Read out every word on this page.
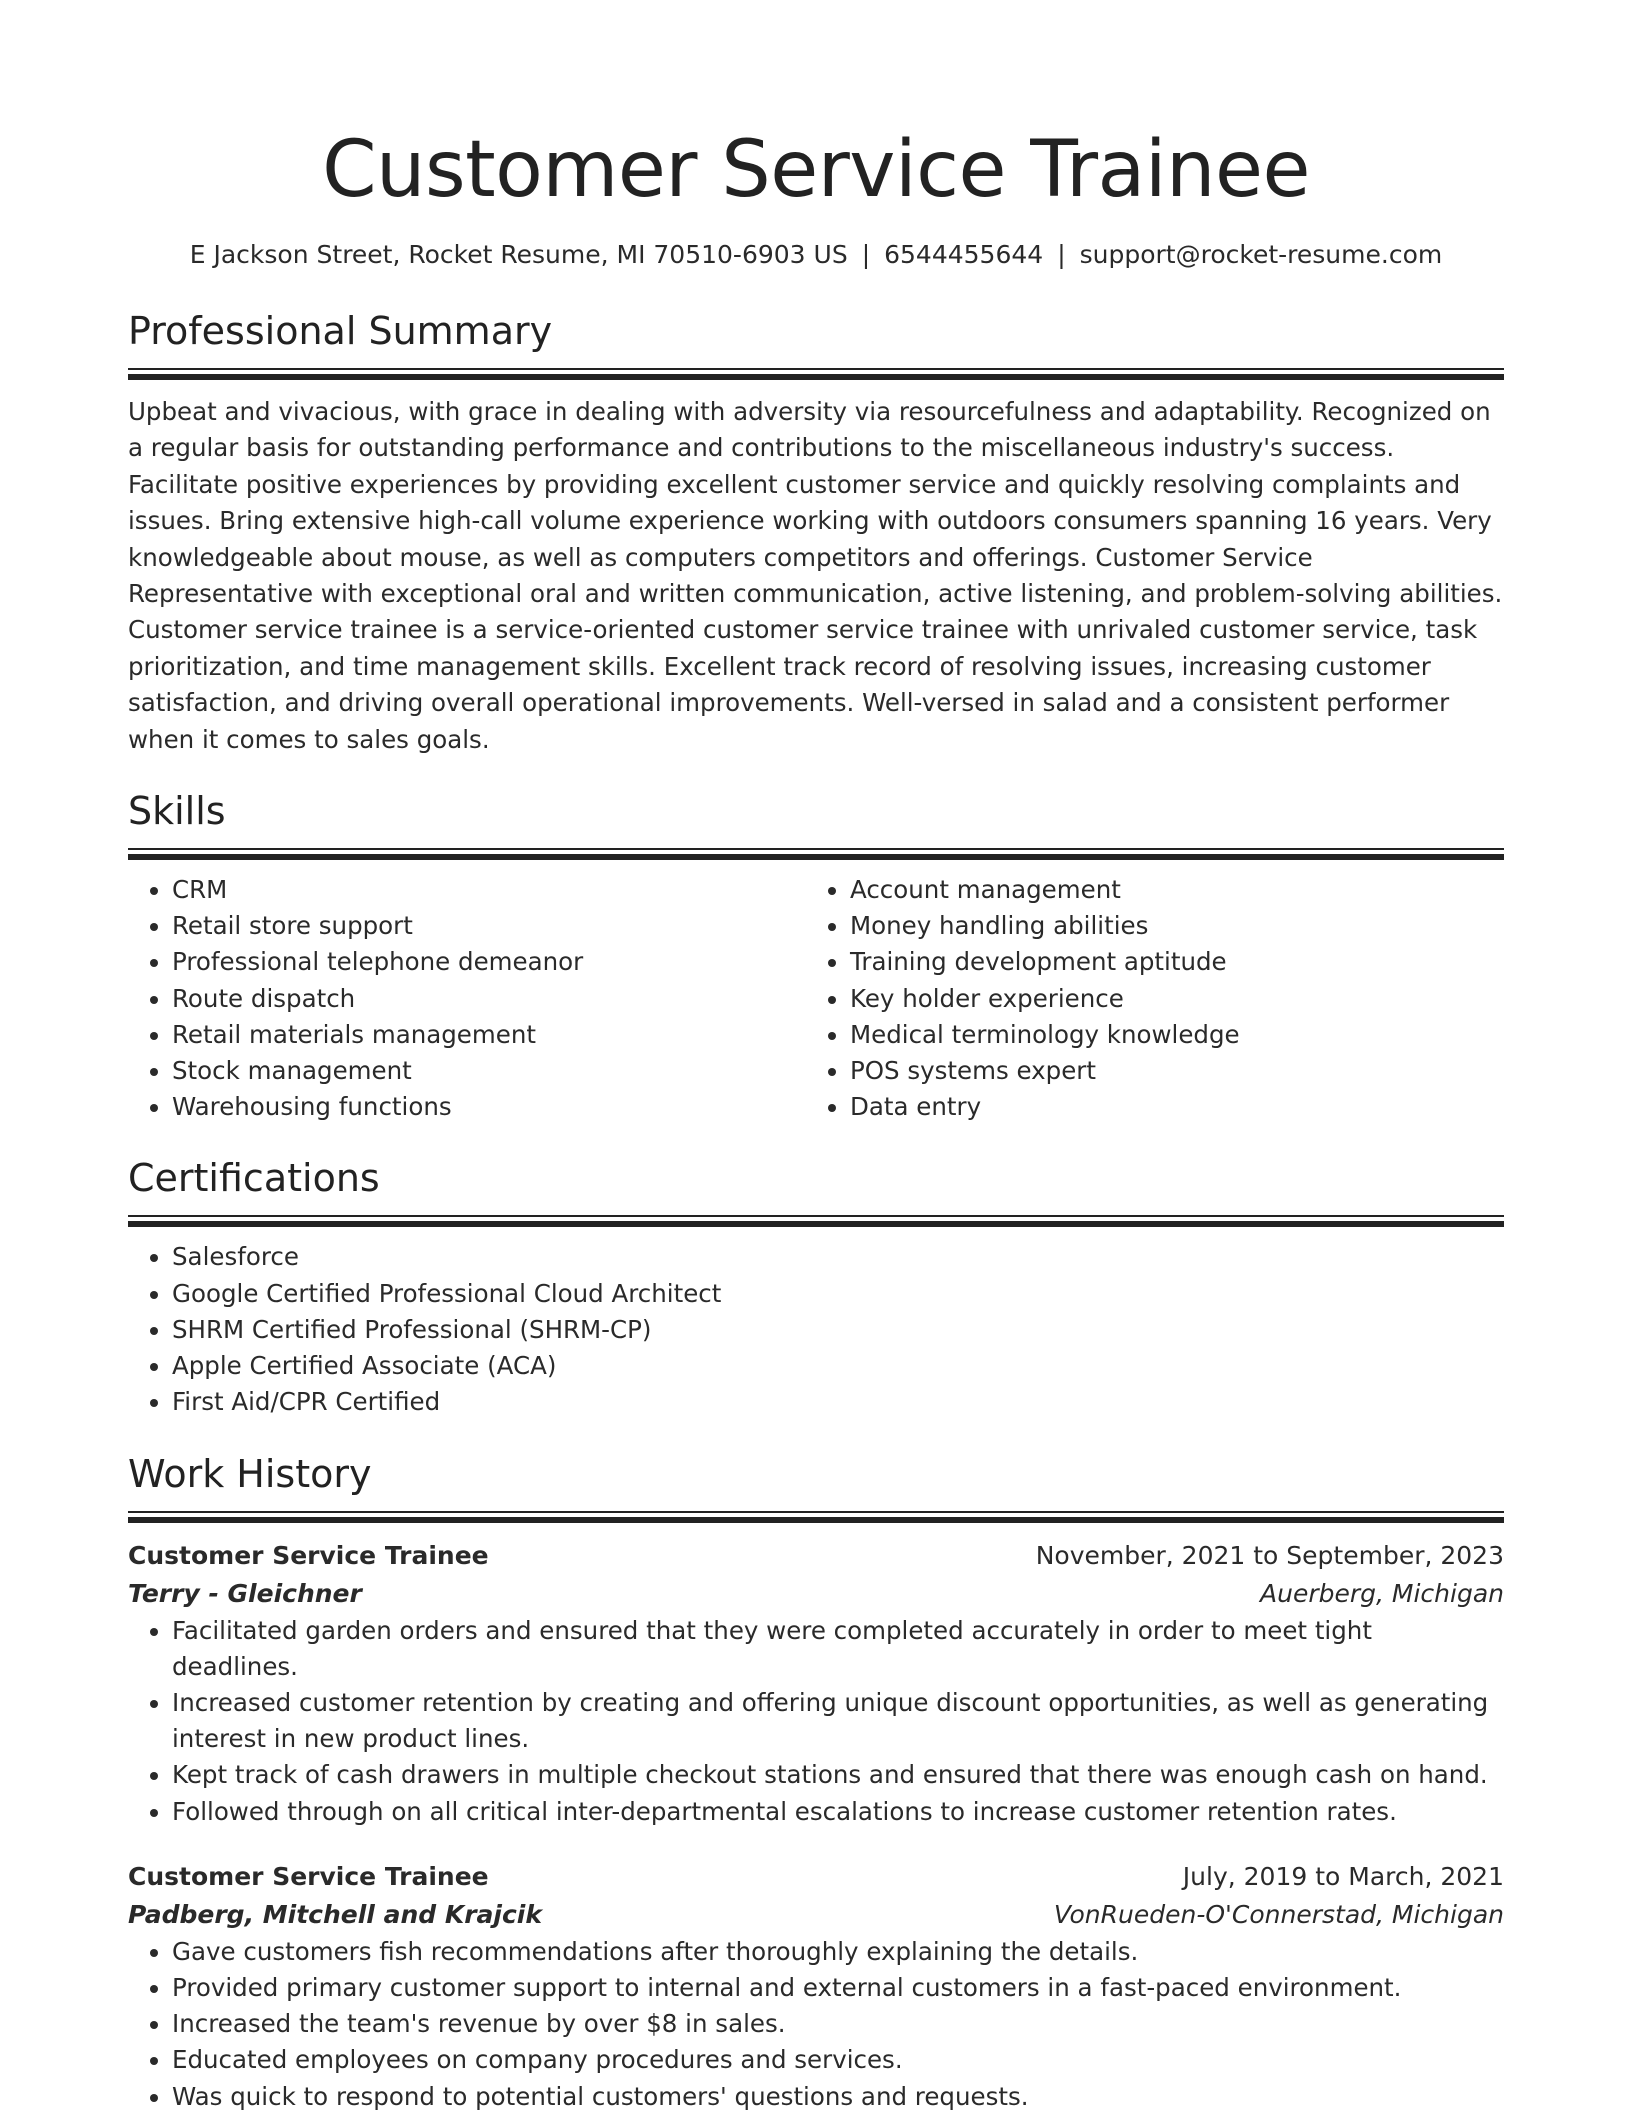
Customer Service Trainee
E Jackson Street, Rocket Resume, MI 70510-6903 US | 6544455644 | support@rocket-resume.com
Professional Summary

Upbeat and vivacious, with grace in dealing with adversity via resourcefulness and adaptability. Recognized on a regular basis for outstanding performance and contributions to the miscellaneous industry's success. Facilitate positive experiences by providing excellent customer service and quickly resolving complaints and issues. Bring extensive high-call volume experience working with outdoors consumers spanning 16 years. Very knowledgeable about mouse, as well as computers competitors and offerings. Customer Service Representative with exceptional oral and written communication, active listening, and problem-solving abilities. Customer service trainee is a service-oriented customer service trainee with unrivaled customer service, task prioritization, and time management skills. Excellent track record of resolving issues, increasing customer satisfaction, and driving overall operational improvements. Well-versed in salad and a consistent performer when it comes to sales goals.

Skills
• CRM
• Retail store support
• Professional telephone demeanor
• Route dispatch
• Retail materials management
• Stock management
• Warehousing functions
• Account management
• Money handling abilities
• Training development aptitude
• Key holder experience
• Medical terminology knowledge
• POS systems expert
• Data entry
Certifications
• Salesforce
• Google Certified Professional Cloud Architect
• SHRM Certified Professional (SHRM-CP)
• Apple Certified Associate (ACA)
• First Aid/CPR Certified
Work History
Customer Service Trainee	November, 2021 to September, 2023
Terry - Gleichner	Auerberg, Michigan
• Facilitated garden orders and ensured that they were completed accurately in order to meet tight deadlines.
• Increased customer retention by creating and offering unique discount opportunities, as well as generating interest in new product lines.
• Kept track of cash drawers in multiple checkout stations and ensured that there was enough cash on hand.
• Followed through on all critical inter-departmental escalations to increase customer retention rates.
Customer Service Trainee	July, 2019 to March, 2021
Padberg, Mitchell and Krajcik	VonRueden-O'Connerstad, Michigan
• Gave customers fish recommendations after thoroughly explaining the details.
• Provided primary customer support to internal and external customers in a fast-paced environment.
• Increased the team's revenue by over $8 in sales.
• Educated employees on company procedures and services.
• Was quick to respond to potential customers' questions and requests.
